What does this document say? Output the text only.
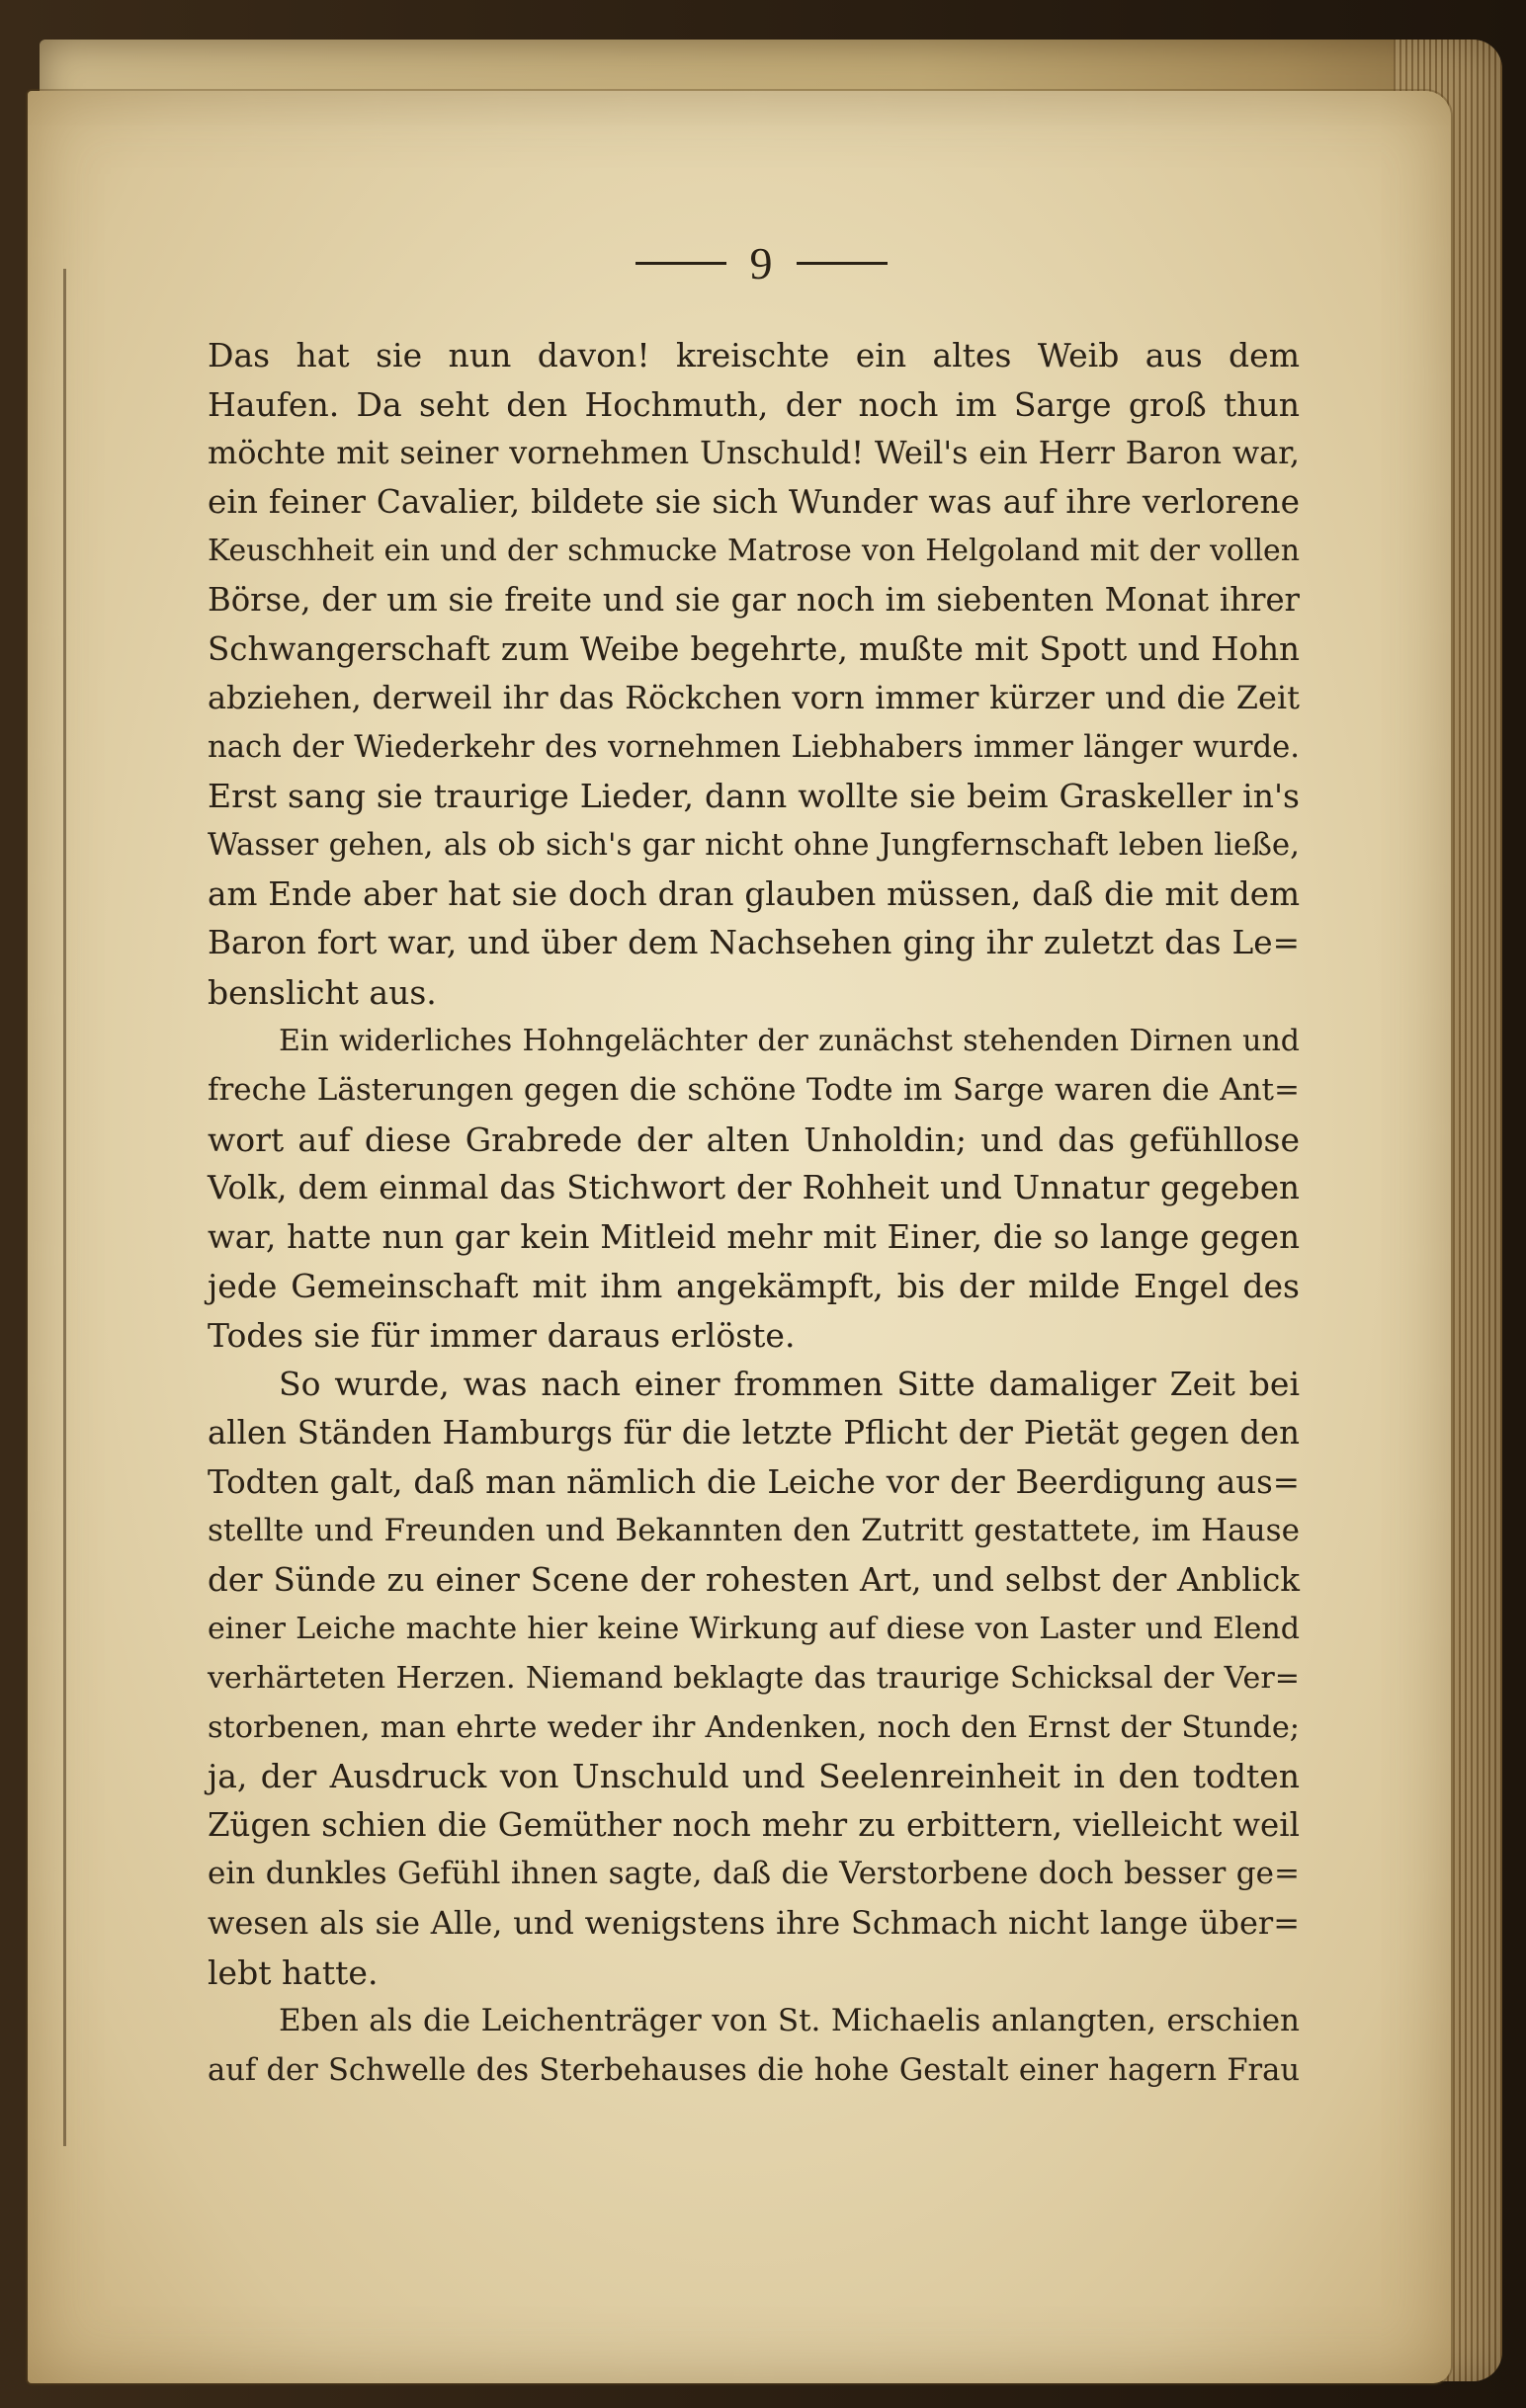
9
Das hat sie nun davon! kreischte ein altes Weib aus dem
Haufen. Da seht den Hochmuth, der noch im Sarge groß thun
möchte mit seiner vornehmen Unschuld! Weil's ein Herr Baron war,
ein feiner Cavalier, bildete sie sich Wunder was auf ihre verlorene
Keuschheit ein und der schmucke Matrose von Helgoland mit der vollen
Börse, der um sie freite und sie gar noch im siebenten Monat ihrer
Schwangerschaft zum Weibe begehrte, mußte mit Spott und Hohn
abziehen, derweil ihr das Röckchen vorn immer kürzer und die Zeit
nach der Wiederkehr des vornehmen Liebhabers immer länger wurde.
Erst sang sie traurige Lieder, dann wollte sie beim Graskeller in's
Wasser gehen, als ob sich's gar nicht ohne Jungfernschaft leben ließe,
am Ende aber hat sie doch dran glauben müssen, daß die mit dem
Baron fort war, und über dem Nachsehen ging ihr zuletzt das Le=
benslicht aus.
Ein widerliches Hohngelächter der zunächst stehenden Dirnen und
freche Lästerungen gegen die schöne Todte im Sarge waren die Ant=
wort auf diese Grabrede der alten Unholdin; und das gefühllose
Volk, dem einmal das Stichwort der Rohheit und Unnatur gegeben
war, hatte nun gar kein Mitleid mehr mit Einer, die so lange gegen
jede Gemeinschaft mit ihm angekämpft, bis der milde Engel des
Todes sie für immer daraus erlöste.
So wurde, was nach einer frommen Sitte damaliger Zeit bei
allen Ständen Hamburgs für die letzte Pflicht der Pietät gegen den
Todten galt, daß man nämlich die Leiche vor der Beerdigung aus=
stellte und Freunden und Bekannten den Zutritt gestattete, im Hause
der Sünde zu einer Scene der rohesten Art, und selbst der Anblick
einer Leiche machte hier keine Wirkung auf diese von Laster und Elend
verhärteten Herzen. Niemand beklagte das traurige Schicksal der Ver=
storbenen, man ehrte weder ihr Andenken, noch den Ernst der Stunde;
ja, der Ausdruck von Unschuld und Seelenreinheit in den todten
Zügen schien die Gemüther noch mehr zu erbittern, vielleicht weil
ein dunkles Gefühl ihnen sagte, daß die Verstorbene doch besser ge=
wesen als sie Alle, und wenigstens ihre Schmach nicht lange über=
lebt hatte.
Eben als die Leichenträger von St. Michaelis anlangten, erschien
auf der Schwelle des Sterbehauses die hohe Gestalt einer hagern Frau
